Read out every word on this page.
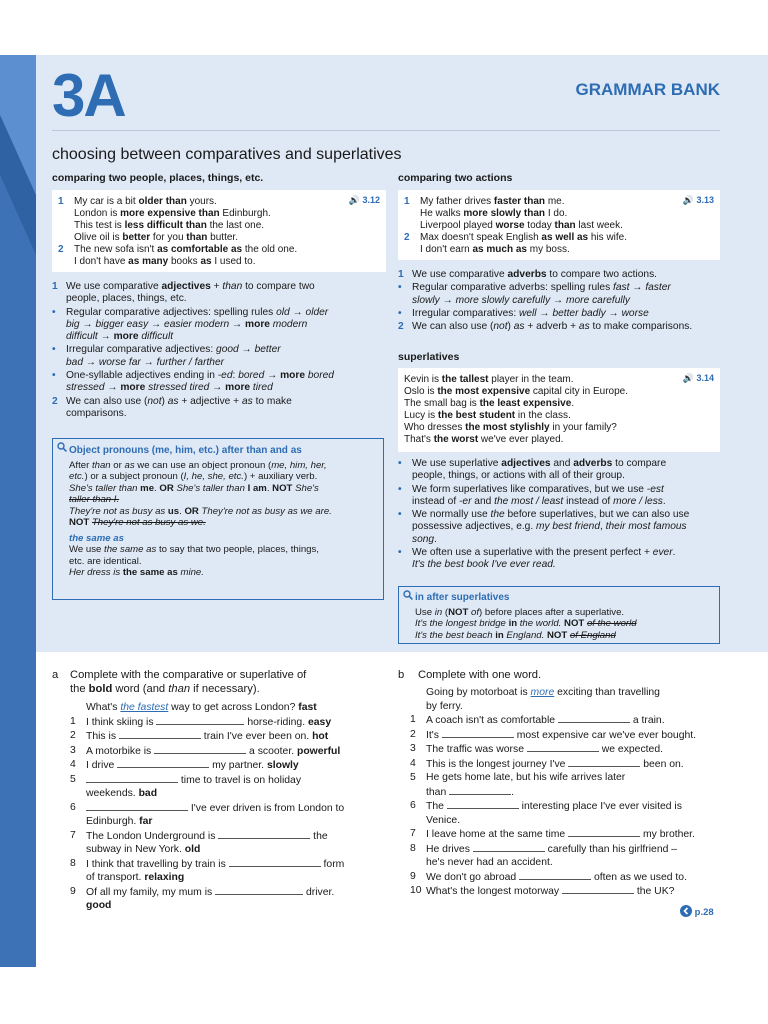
136
3A	GRAMMAR BANK
choosing between comparatives and superlatives
comparing two people, places, things, etc.
🔊 3.12
1	My car is a bit older than yours.
London is more expensive than Edinburgh.
This test is less difficult than the last one.
Olive oil is better for you than butter.
2	The new sofa isn't as comfortable as the old one.
I don't have as many books as I used to.
1 We use comparative adjectives + than to compare two
people, places, things, etc.
• Regular comparative adjectives: spelling rules old → older
big → bigger easy → easier modern → more modern
difficult → more difficult
• Irregular comparative adjectives: good → better
bad → worse far → further / farther
• One-syllable adjectives ending in -ed: bored → more bored
stressed → more stressed tired → more tired
2 We can also use (not) as + adjective + as to make
comparisons.
Object pronouns (me, him, etc.) after than and as
After than or as we can use an object pronoun (me, him, her,
etc.) or a subject pronoun (I, he, she, etc.) + auxiliary verb.
She's taller than me. OR She's taller than I am. NOT She's
taller than I.
They're not as busy as us. OR They're not as busy as we are.
NOT They're not as busy as we.
the same as
We use the same as to say that two people, places, things,
etc. are identical.
Her dress is the same as mine.
comparing two actions
🔊 3.13
1	My father drives faster than me.
He walks more slowly than I do.
Liverpool played worse today than last week.
2	Max doesn't speak English as well as his wife.
I don't earn as much as my boss.
1 We use comparative adverbs to compare two actions.
• Regular comparative adverbs: spelling rules fast → faster
slowly → more slowly carefully → more carefully
• Irregular comparatives: well → better badly → worse
2 We can also use (not) as + adverb + as to make comparisons.
superlatives
🔊 3.14
Kevin is the tallest player in the team.
Oslo is the most expensive capital city in Europe.
The small bag is the least expensive.
Lucy is the best student in the class.
Who dresses the most stylishly in your family?
That's the worst we've ever played.
• We use superlative adjectives and adverbs to compare
people, things, or actions with all of their group.
• We form superlatives like comparatives, but we use -est
instead of -er and the most / least instead of more / less.
• We normally use the before superlatives, but we can also use
possessive adjectives, e.g. my best friend, their most famous
song.
• We often use a superlative with the present perfect + ever.
It's the best book I've ever read.
in after superlatives
Use in (NOT of) before places after a superlative.
It's the longest bridge in the world. NOT of the world
It's the best beach in England. NOT of England
a Complete with the comparative or superlative of
the bold word (and than if necessary).
What's the fastest way to get across London? fast
1 I think skiing is	horse-riding. easy
2 This is	train I've ever been on. hot
3 A motorbike is	a scooter. powerful
4 I drive	my partner. slowly
5	time to travel is on holiday
weekends. bad
6	I've ever driven is from London to
Edinburgh. far
7 The London Underground is	the
subway in New York. old
8 I think that travelling by train is	form
of transport. relaxing
9 Of all my family, my mum is	driver.
good
b Complete with one word.
Going by motorboat is more exciting than travelling
by ferry.
1 A coach isn't as comfortable	a train.
2 It's	most expensive car we've ever bought.
3 The traffic was worse	we expected.
4 This is the longest journey I've	been on.
5 He gets home late, but his wife arrives later
than	.
6 The	interesting place I've ever visited is
Venice.
7 I leave home at the same time	my brother.
8 He drives	carefully than his girlfriend –
he's never had an accident.
9 We don't go abroad	often as we used to.
10 What's the longest motorway	the UK?
p.28
